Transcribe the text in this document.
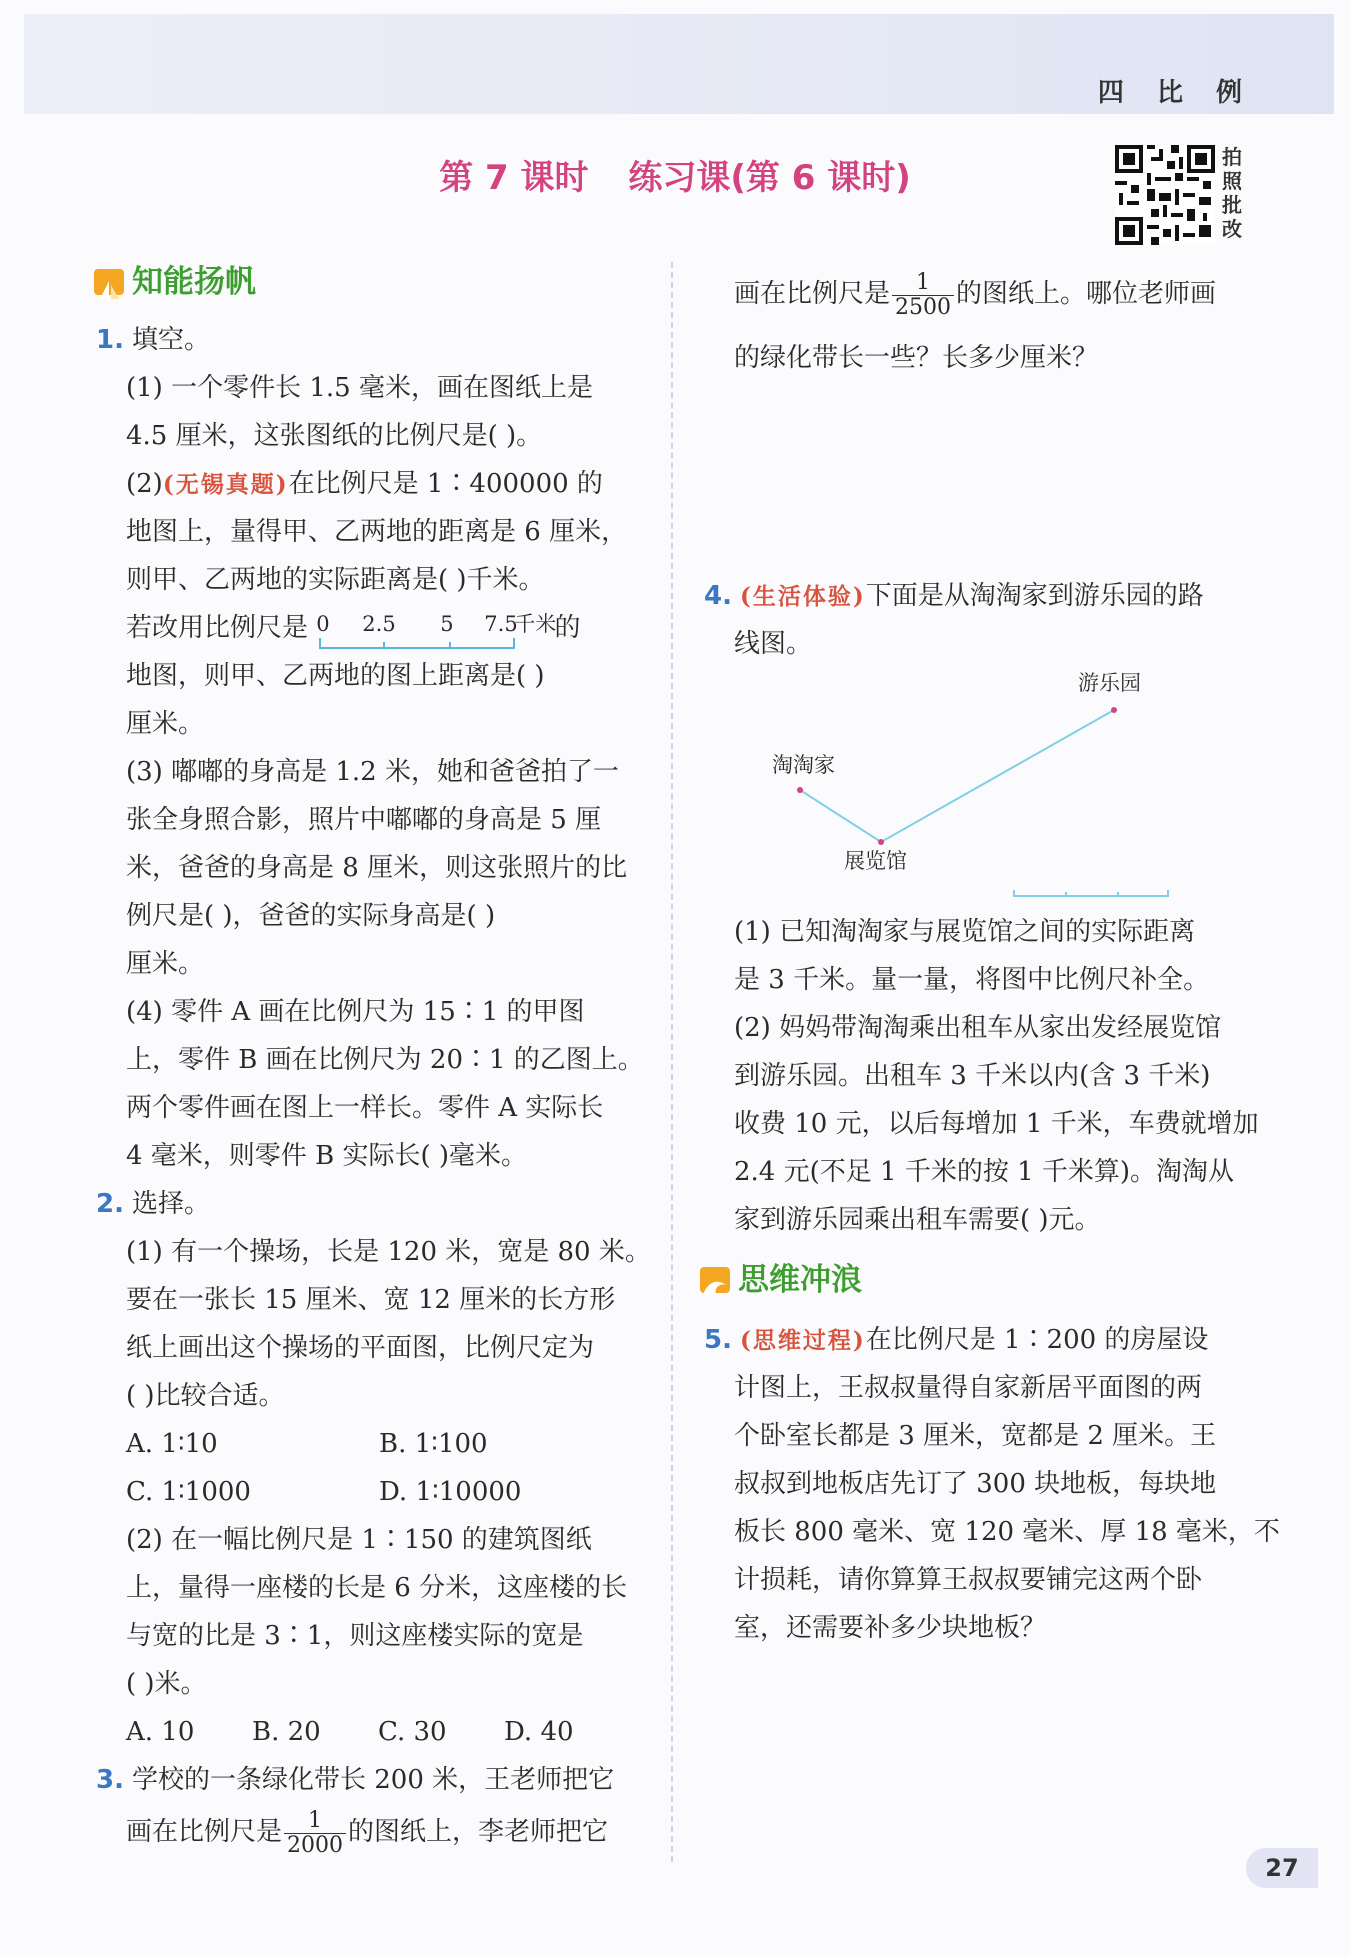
四 比 例
第 7 课时 练习课(第 6 课时)
拍
照
批
改
知能扬帆
1. 填空。
(1) 一个零件长 1.5 毫米，画在图纸上是
4.5 厘米，这张图纸的比例尺是( )。
(2)(无锡真题)在比例尺是 1∶400000 的
地图上，量得甲、乙两地的距离是 6 厘米，
则甲、乙两地的实际距离是( )千米。
若改用比例尺是 0 2.5 5 7.5
千米
的
地图，则甲、乙两地的图上距离是( )
厘米。
(3) 嘟嘟的身高是 1.2 米，她和爸爸拍了一
张全身照合影，照片中嘟嘟的身高是 5 厘
米，爸爸的身高是 8 厘米，则这张照片的比
例尺是( )，爸爸的实际身高是( )
厘米。
(4) 零件 A 画在比例尺为 15∶1 的甲图
上，零件 B 画在比例尺为 20∶1 的乙图上。
两个零件画在图上一样长。零件 A 实际长
4 毫米，则零件 B 实际长( )毫米。
2. 选择。
(1) 有一个操场，长是 120 米，宽是 80 米。
要在一张长 15 厘米、宽 12 厘米的长方形
纸上画出这个操场的平面图，比例尺定为
( )比较合适。
A. 1∶10	B. 1∶100
C. 1∶1000	D. 1∶10000
(2) 在一幅比例尺是 1∶150 的建筑图纸
上，量得一座楼的长是 6 分米，这座楼的长
与宽的比是 3∶1，则这座楼实际的宽是
( )米。
A. 10 B. 20 C. 30 D. 40
3. 学校的一条绿化带长 200 米，王老师把它
画在比例尺是 $\frac{1}{2000}$ 的图纸上，李老师把它
画在比例尺是 $\frac{1}{2500}$ 的图纸上。哪位老师画
的绿化带长一些？长多少厘米？
4. (生活体验)下面是从淘淘家到游乐园的路
线图。
淘淘家
展览馆
游乐园
(1) 已知淘淘家与展览馆之间的实际距离
是 3 千米。量一量，将图中比例尺补全。
(2) 妈妈带淘淘乘出租车从家出发经展览馆
到游乐园。出租车 3 千米以内(含 3 千米)
收费 10 元，以后每增加 1 千米，车费就增加
2.4 元(不足 1 千米的按 1 千米算)。淘淘从
家到游乐园乘出租车需要( )元。
思维冲浪
5. (思维过程)在比例尺是 1∶200 的房屋设
计图上，王叔叔量得自家新居平面图的两
个卧室长都是 3 厘米，宽都是 2 厘米。王
叔叔到地板店先订了 300 块地板，每块地
板长 800 毫米、宽 120 毫米、厚 18 毫米，不
计损耗，请你算算王叔叔要铺完这两个卧
室，还需要补多少块地板？
27
